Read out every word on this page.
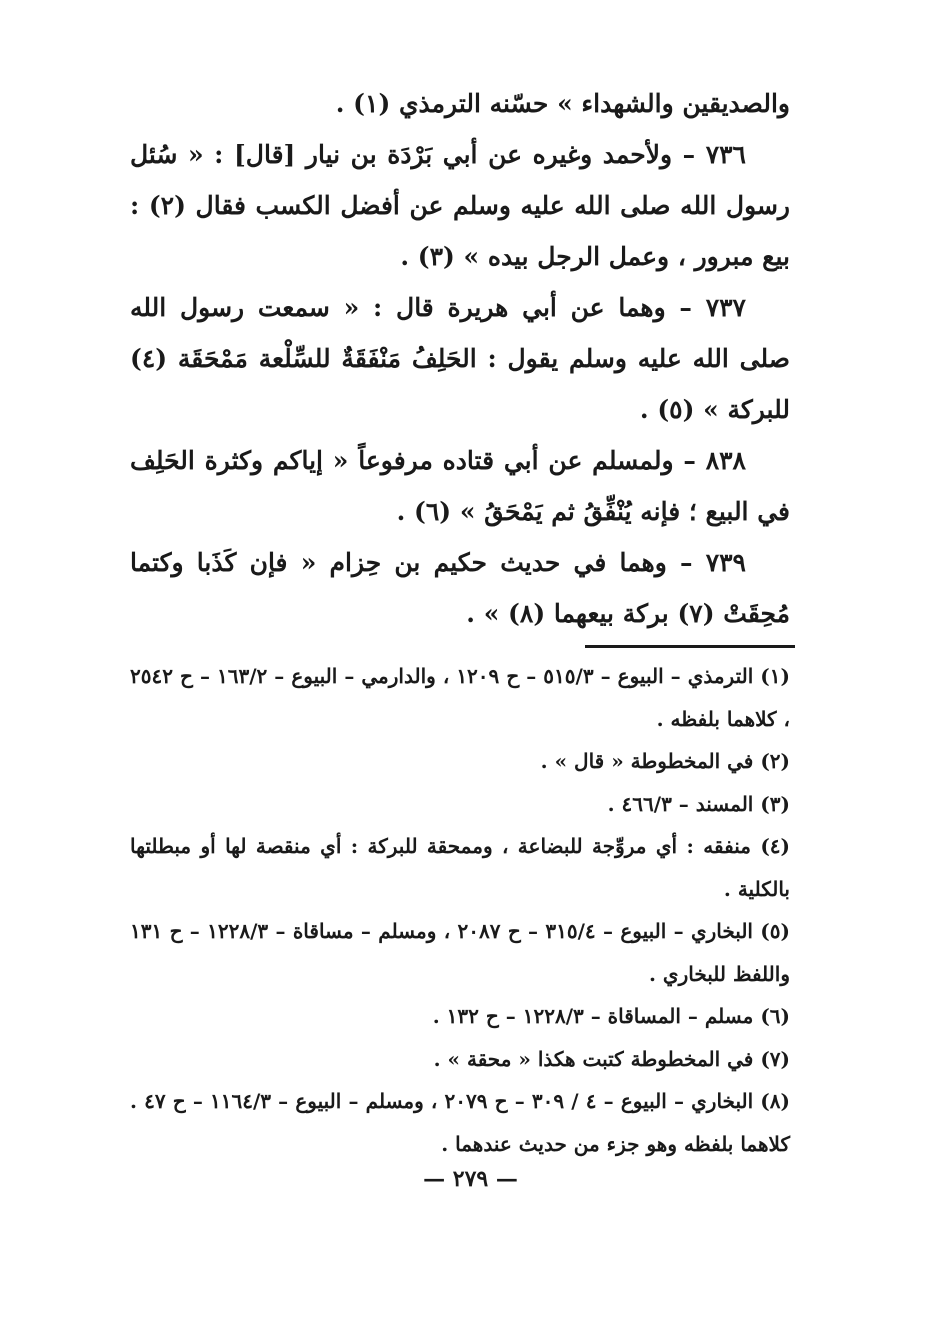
والصديقين والشهداء » حسّنه الترمذي (١) .

٧٣٦ – ولأحمد وغيره عن أبي بَرْدَة بن نيار [قال] : « سُئل رسول الله صلى الله عليه وسلم عن أفضل الكسب فقال (٢) : بيع مبرور ، وعمل الرجل بيده » (٣) .

٧٣٧ – وهما عن أبي هريرة قال : « سمعت رسول الله صلى الله عليه وسلم يقول : الحَلِفُ مَنْفَقَةٌ للسِّلْعة مَمْحَقَة (٤) للبركة » (٥) .

٨٣٨ – ولمسلم عن أبي قتاده مرفوعاً « إياكم وكثرة الحَلِف في البيع ؛ فإنه يُنْفِّقُ ثم يَمْحَقُ » (٦) .

٧٣٩ – وهما في حديث حكيم بن حِزام « فإن كَذَبا وكتما مُحِقَتْ (٧) بركة بيعهما (٨) » .

(١) الترمذي – البيوع – ٥١٥/٣ – ح ١٢٠٩ ، والدارمي – البيوع – ١٦٣/٢ – ح ٢٥٤٢ ، كلاهما بلفظه .

(٢) في المخطوطة « قال » .

(٣) المسند – ٤٦٦/٣ .

(٤) منفقه : أي مروِّجة للبضاعة ، وممحقة للبركة : أي منقصة لها أو مبطلتها بالكلية .

(٥) البخاري – البيوع – ٣١٥/٤ – ح ٢٠٨٧ ، ومسلم – مساقاة – ١٢٢٨/٣ – ح ١٣١ واللفظ للبخاري .

(٦) مسلم – المساقاة – ١٢٢٨/٣ – ح ١٣٢ .

(٧) في المخطوطة كتبت هكذا « محقة » .

(٨) البخاري – البيوع – ٤ / ٣٠٩ – ح ٢٠٧٩ ، ومسلم – البيوع – ١١٦٤/٣ – ح ٤٧ . كلاهما بلفظه وهو جزء من حديث عندهما .

— ٢٧٩ —
